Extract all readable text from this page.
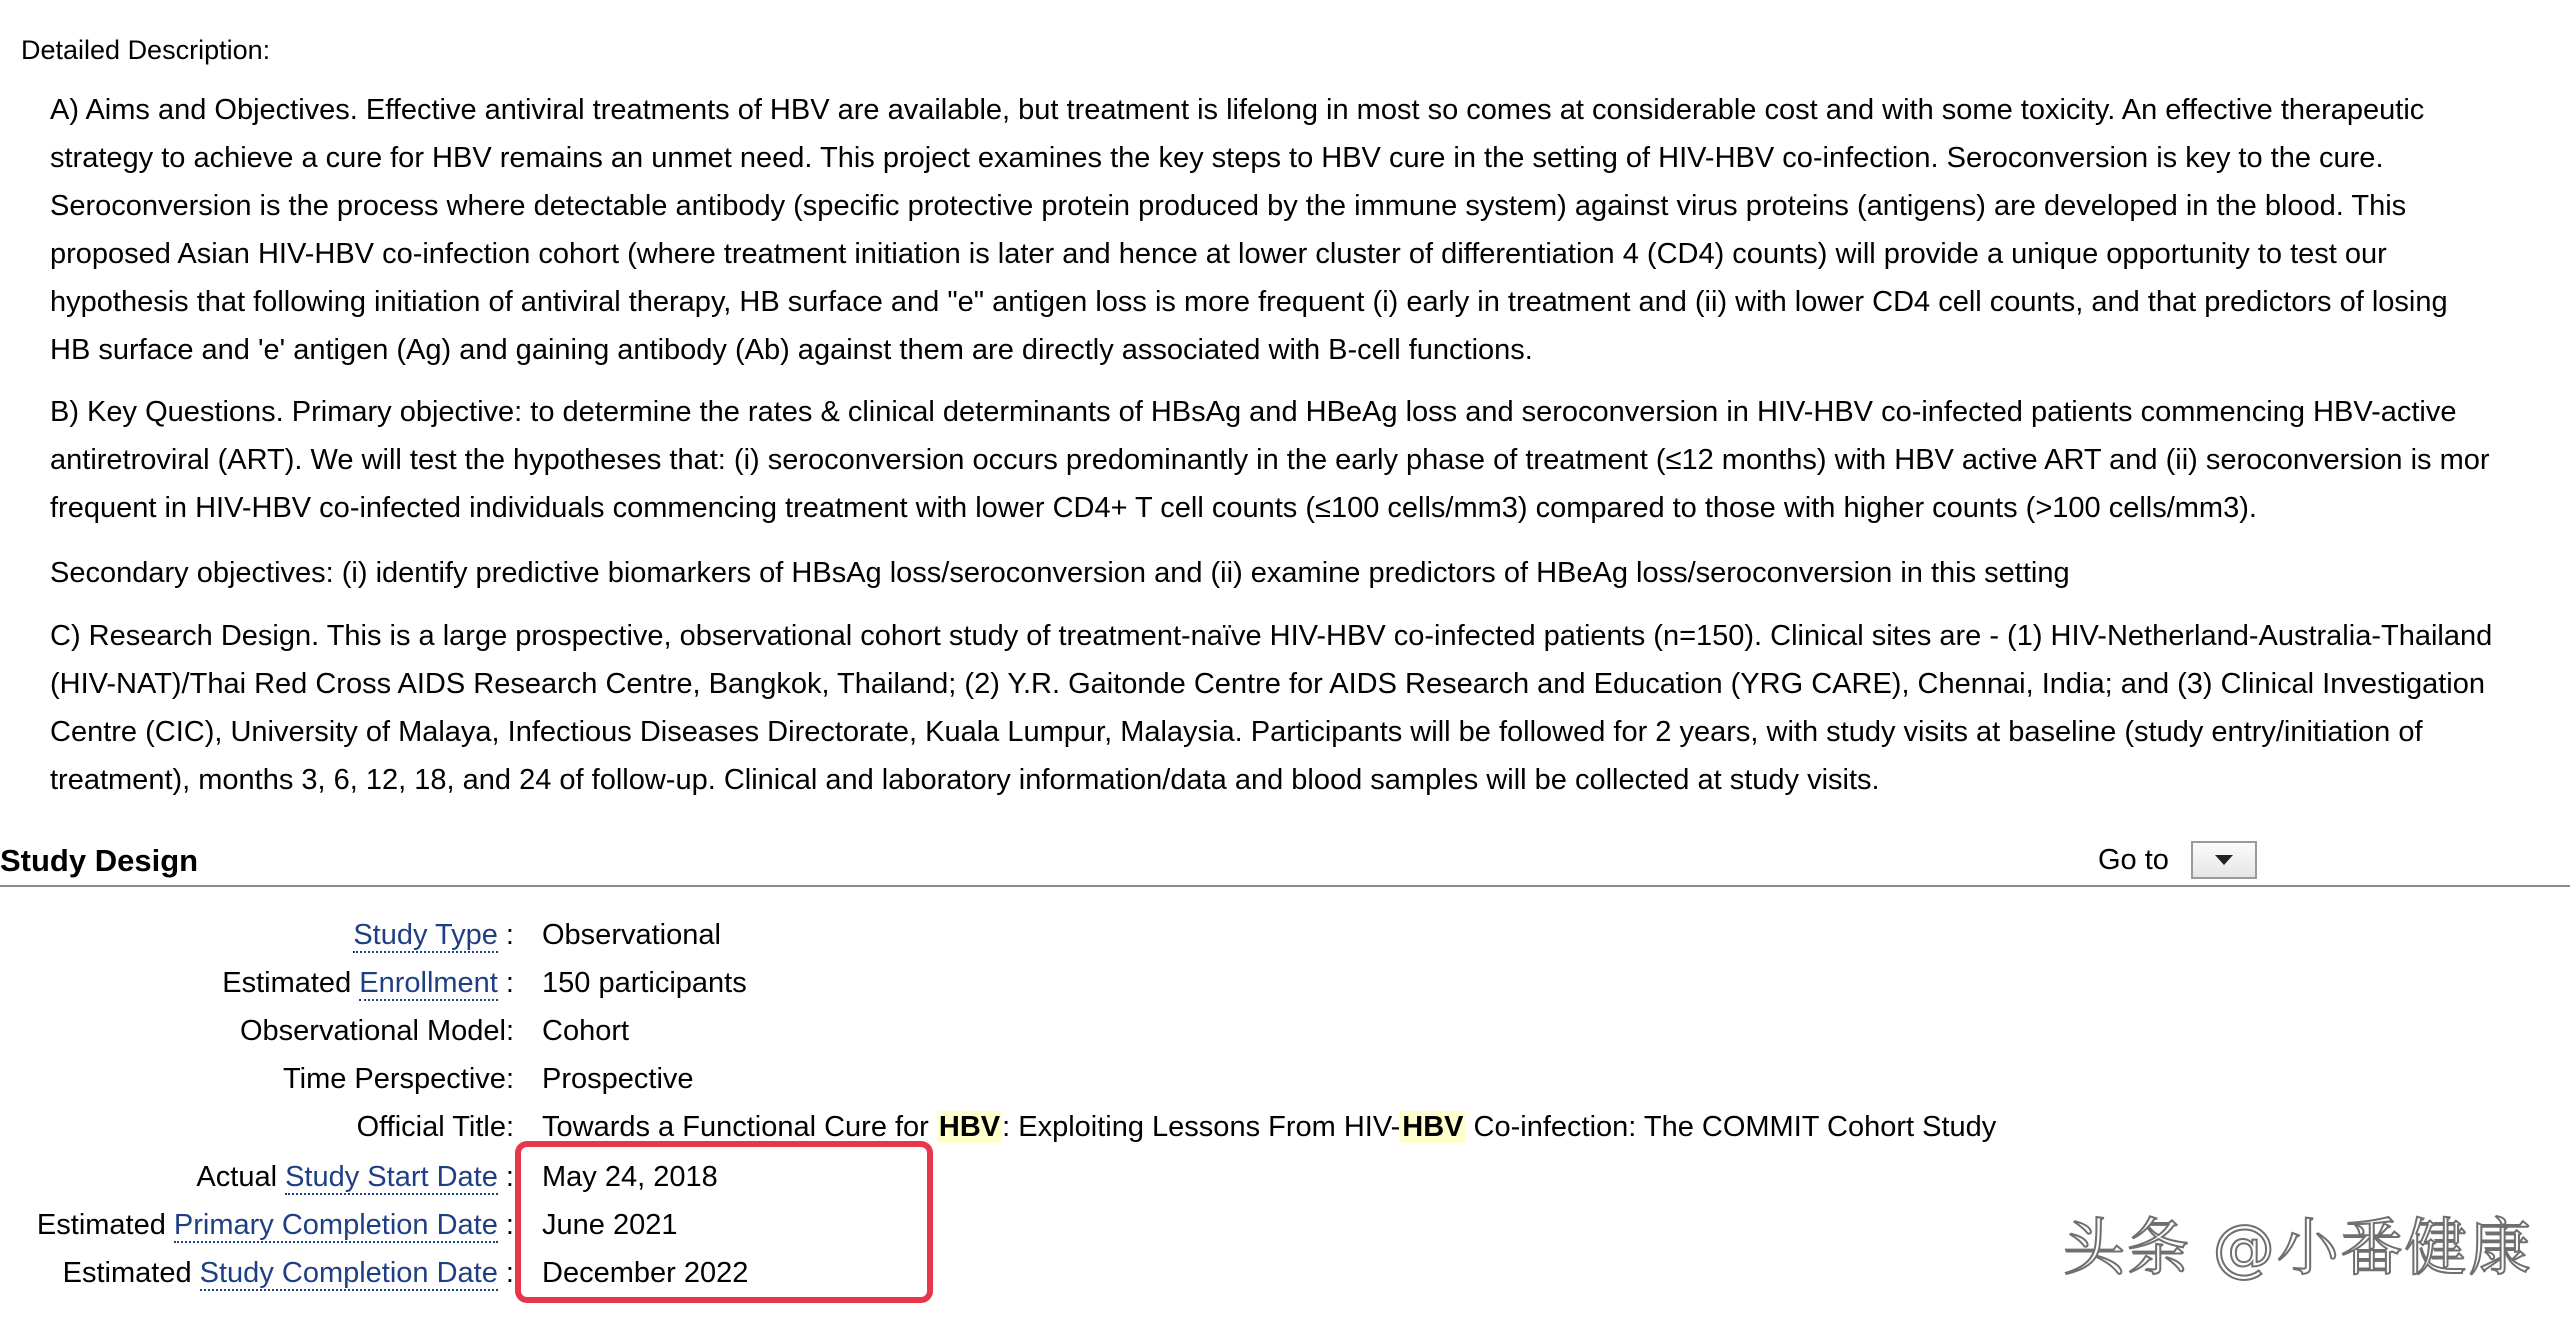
Detailed Description:
A) Aims and Objectives. Effective antiviral treatments of HBV are available, but treatment is lifelong in most so comes at considerable cost and with some toxicity. An effective therapeutic
strategy to achieve a cure for HBV remains an unmet need. This project examines the key steps to HBV cure in the setting of HIV-HBV co-infection. Seroconversion is key to the cure.
Seroconversion is the process where detectable antibody (specific protective protein produced by the immune system) against virus proteins (antigens) are developed in the blood. This
proposed Asian HIV-HBV co-infection cohort (where treatment initiation is later and hence at lower cluster of differentiation 4 (CD4) counts) will provide a unique opportunity to test our
hypothesis that following initiation of antiviral therapy, HB surface and "e" antigen loss is more frequent (i) early in treatment and (ii) with lower CD4 cell counts, and that predictors of losing
HB surface and 'e' antigen (Ag) and gaining antibody (Ab) against them are directly associated with B-cell functions.
B) Key Questions. Primary objective: to determine the rates & clinical determinants of HBsAg and HBeAg loss and seroconversion in HIV-HBV co-infected patients commencing HBV-active
antiretroviral (ART). We will test the hypotheses that: (i) seroconversion occurs predominantly in the early phase of treatment (≤12 months) with HBV active ART and (ii) seroconversion is mor
frequent in HIV-HBV co-infected individuals commencing treatment with lower CD4+ T cell counts (≤100 cells/mm3) compared to those with higher counts (>100 cells/mm3).
Secondary objectives: (i) identify predictive biomarkers of HBsAg loss/seroconversion and (ii) examine predictors of HBeAg loss/seroconversion in this setting
C) Research Design. This is a large prospective, observational cohort study of treatment-naïve HIV-HBV co-infected patients (n=150). Clinical sites are - (1) HIV-Netherland-Australia-Thailand
(HIV-NAT)/Thai Red Cross AIDS Research Centre, Bangkok, Thailand; (2) Y.R. Gaitonde Centre for AIDS Research and Education (YRG CARE), Chennai, India; and (3) Clinical Investigation
Centre (CIC), University of Malaya, Infectious Diseases Directorate, Kuala Lumpur, Malaysia. Participants will be followed for 2 years, with study visits at baseline (study entry/initiation of
treatment), months 3, 6, 12, 18, and 24 of follow-up. Clinical and laboratory information/data and blood samples will be collected at study visits.
Study Design	Go to
Study Type : Observational
Estimated Enrollment : 150 participants
Observational Model: Cohort
Time Perspective: Prospective
Official Title: Towards a Functional Cure for HBV: Exploiting Lessons From HIV-HBV Co-infection: The COMMIT Cohort Study
Actual Study Start Date : May 24, 2018
Estimated Primary Completion Date : June 2021
Estimated Study Completion Date : December 2022	头条 @小番健康
